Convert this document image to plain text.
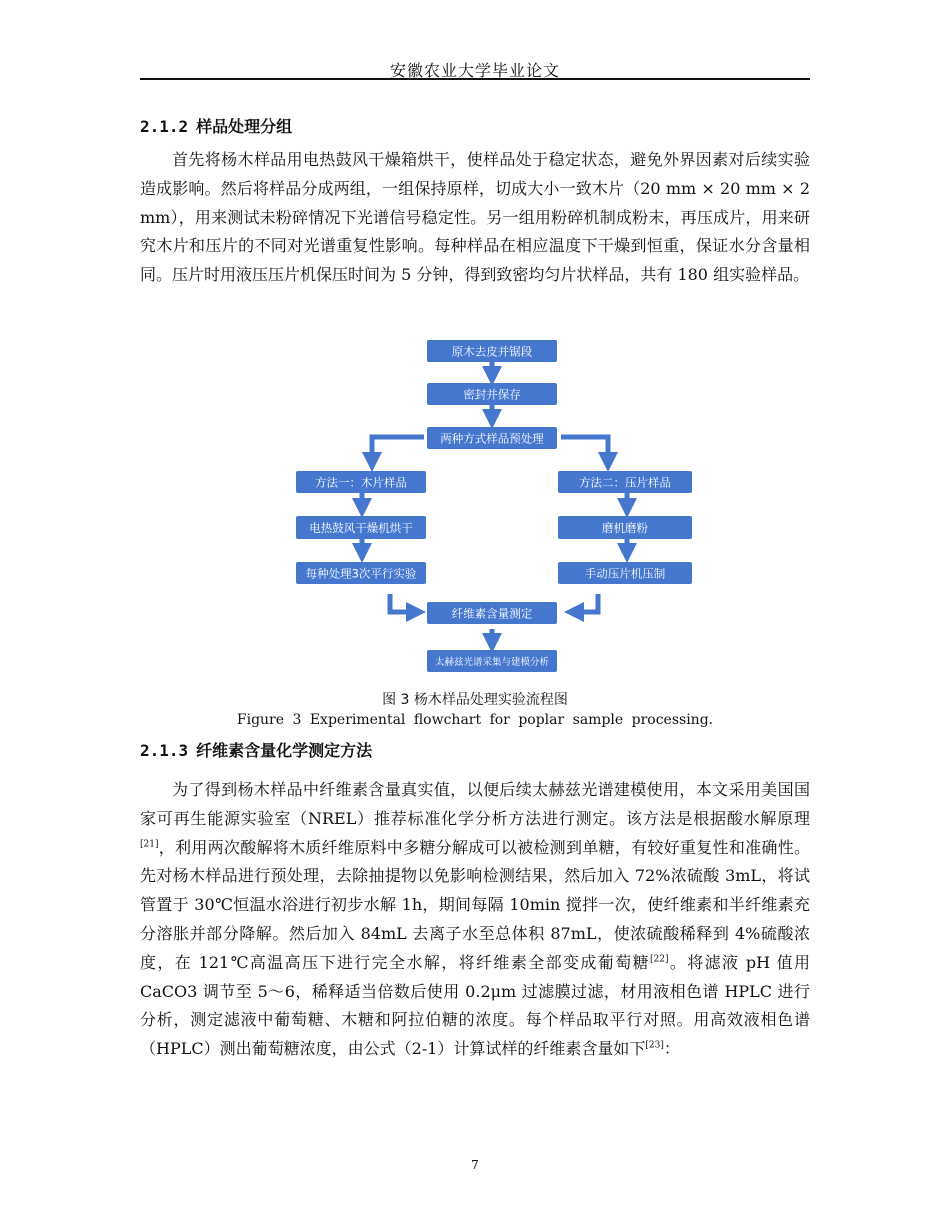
安徽农业大学毕业论文
2.1.2 样品处理分组

首先将杨木样品用电热鼓风干燥箱烘干，使样品处于稳定状态，避免外界因素对后续实验造成影响。然后将样品分成两组，一组保持原样，切成大小一致木片（20 mm × 20 mm × 2 mm），用来测试未粉碎情况下光谱信号稳定性。另一组用粉碎机制成粉末，再压成片，用来研究木片和压片的不同对光谱重复性影响。每种样品在相应温度下干燥到恒重，保证水分含量相同。压片时用液压压片机保压时间为 5 分钟，得到致密均匀片状样品，共有 180 组实验样品。

原木去皮并锯段
密封并保存
两种方式样品预处理
方法一：木片样品
电热鼓风干燥机烘干
每种处理3次平行实验
方法二：压片样品
磨机磨粉
手动压片机压制
纤维素含量测定
太赫兹光谱采集与建模分析
图 3 杨木样品处理实验流程图
Figure 3 Experimental flowchart for poplar sample processing.
2.1.3 纤维素含量化学测定方法

为了得到杨木样品中纤维素含量真实值，以便后续太赫兹光谱建模使用，本文采用美国国家可再生能源实验室（NREL）推荐标准化学分析方法进行测定。该方法是根据酸水解原理[21]，利用两次酸解将木质纤维原料中多糖分解成可以被检测到单糖，有较好重复性和准确性。先对杨木样品进行预处理，去除抽提物以免影响检测结果，然后加入 72%浓硫酸 3mL，将试管置于 30℃恒温水浴进行初步水解 1h，期间每隔 10min 搅拌一次，使纤维素和半纤维素充分溶胀并部分降解。然后加入 84mL 去离子水至总体积 87mL，使浓硫酸稀释到 4%硫酸浓度，在 121℃高温高压下进行完全水解，将纤维素全部变成葡萄糖[22]。将滤液 pH 值用 CaCO3 调节至 5～6，稀释适当倍数后使用 0.2μm 过滤膜过滤，材用液相色谱 HPLC 进行分析，测定滤液中葡萄糖、木糖和阿拉伯糖的浓度。每个样品取平行对照。用高效液相色谱（HPLC）测出葡萄糖浓度，由公式（2-1）计算试样的纤维素含量如下[23]：

7
